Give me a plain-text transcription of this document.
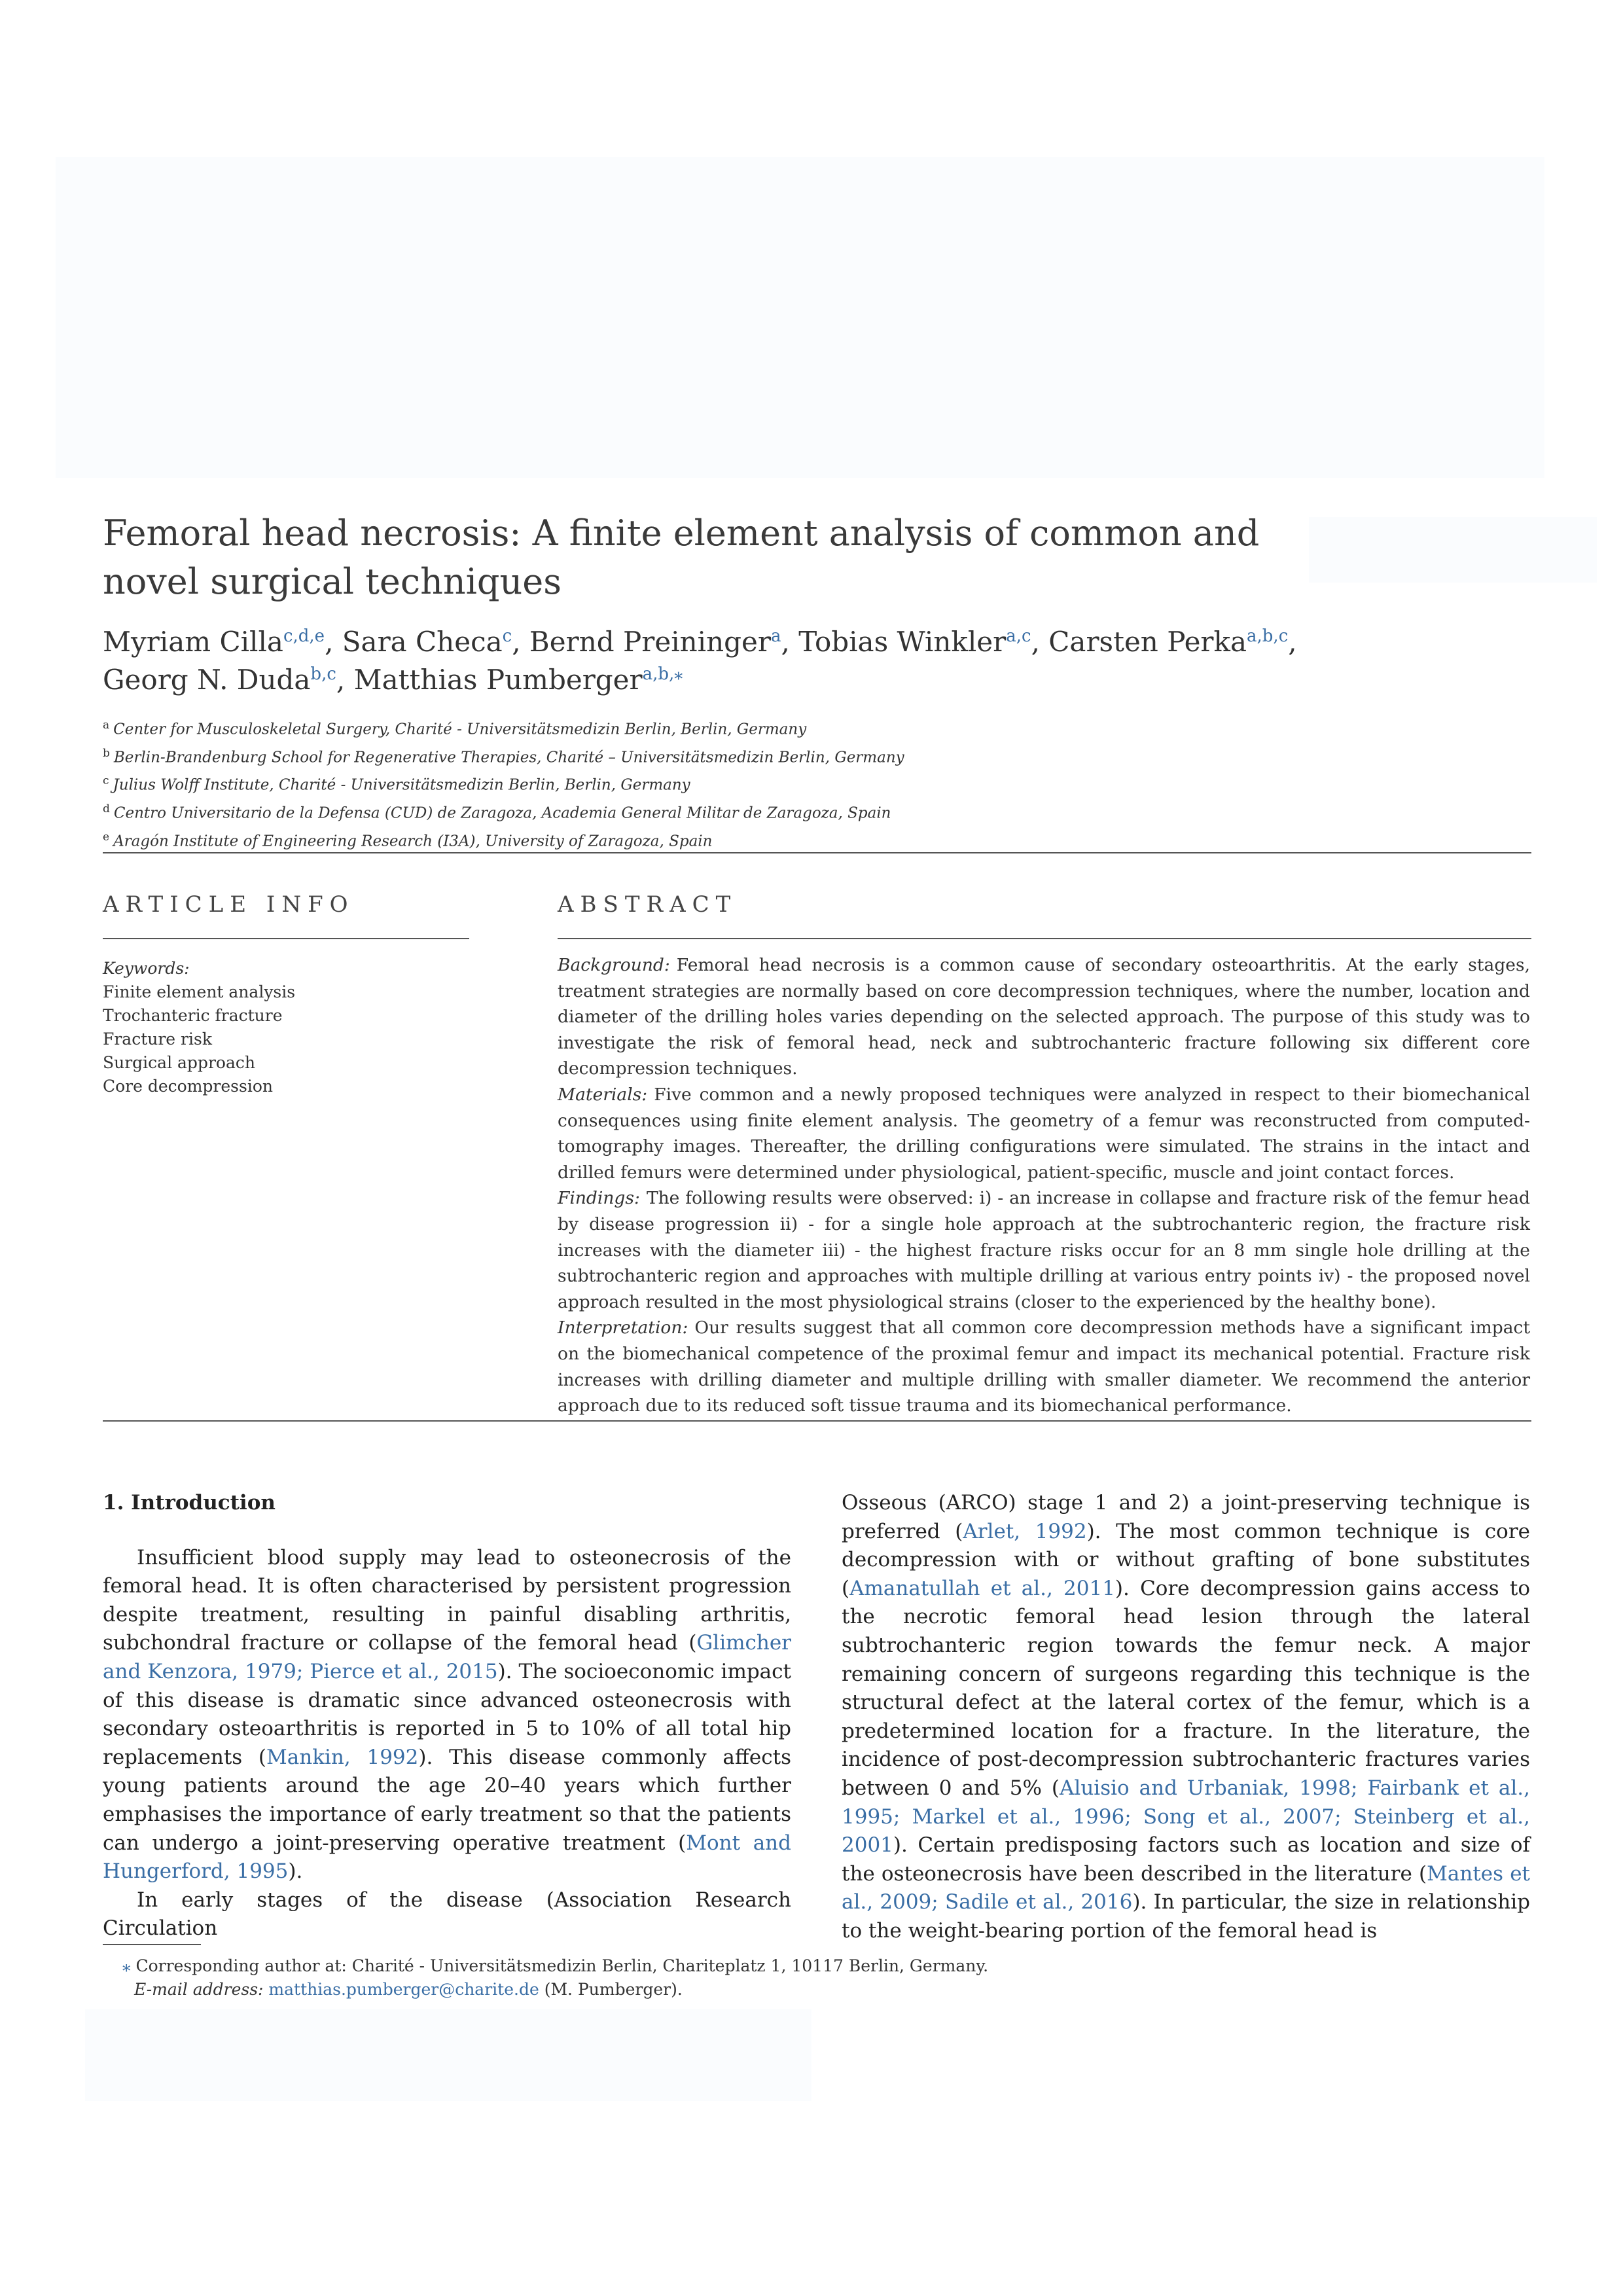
Femoral head necrosis: A finite element analysis of common and novel surgical techniques
Myriam Cilla$^{c,d,e}$, Sara Checa$^c$, Bernd Preininger$^a$, Tobias Winkler$^{a,c}$, Carsten Perka$^{a,b,c}$,
Georg N. Duda$^{b,c}$, Matthias Pumberger$^{a,b,⁎}$
$^a$ Center for Musculoskeletal Surgery, Charité - Universitätsmedizin Berlin, Berlin, Germany
$^b$ Berlin-Brandenburg School for Regenerative Therapies, Charité – Universitätsmedizin Berlin, Germany
$^c$ Julius Wolff Institute, Charité - Universitätsmedizin Berlin, Berlin, Germany
$^d$ Centro Universitario de la Defensa (CUD) de Zaragoza, Academia General Militar de Zaragoza, Spain
$^e$ Aragón Institute of Engineering Research (I3A), University of Zaragoza, Spain
ARTICLE INFO	ABSTRACT
Keywords:
Finite element analysis
Trochanteric fracture
Fracture risk
Surgical approach
Core decompression

Background: Femoral head necrosis is a common cause of secondary osteoarthritis. At the early stages, treatment strategies are normally based on core decompression techniques, where the number, location and diameter of the drilling holes varies depending on the selected approach. The purpose of this study was to investigate the risk of femoral head, neck and subtrochanteric fracture following six different core decompression techniques.

Materials: Five common and a newly proposed techniques were analyzed in respect to their biomechanical consequences using finite element analysis. The geometry of a femur was reconstructed from computed-tomography images. Thereafter, the drilling configurations were simulated. The strains in the intact and drilled femurs were determined under physiological, patient-specific, muscle and joint contact forces.

Findings: The following results were observed: i) - an increase in collapse and fracture risk of the femur head by disease progression ii) - for a single hole approach at the subtrochanteric region, the fracture risk increases with the diameter iii) - the highest fracture risks occur for an 8 mm single hole drilling at the subtrochanteric region and approaches with multiple drilling at various entry points iv) - the proposed novel approach resulted in the most physiological strains (closer to the experienced by the healthy bone).

Interpretation: Our results suggest that all common core decompression methods have a significant impact on the biomechanical competence of the proximal femur and impact its mechanical potential. Fracture risk increases with drilling diameter and multiple drilling with smaller diameter. We recommend the anterior approach due to its reduced soft tissue trauma and its biomechanical performance.

1. Introduction

Insufficient blood supply may lead to osteonecrosis of the femoral head. It is often characterised by persistent progression despite treatment, resulting in painful disabling arthritis, subchondral fracture or collapse of the femoral head (Glimcher and Kenzora, 1979; Pierce et al., 2015). The socioeconomic impact of this disease is dramatic since advanced osteonecrosis with secondary osteoarthritis is reported in 5 to 10% of all total hip replacements (Mankin, 1992). This disease commonly affects young patients around the age 20–40 years which further emphasises the importance of early treatment so that the patients can undergo a joint-preserving operative treatment (Mont and Hungerford, 1995).

In early stages of the disease (Association Research Circulation

Osseous (ARCO) stage 1 and 2) a joint-preserving technique is preferred (Arlet, 1992). The most common technique is core decompression with or without grafting of bone substitutes (Amanatullah et al., 2011). Core decompression gains access to the necrotic femoral head lesion through the lateral subtrochanteric region towards the femur neck. A major remaining concern of surgeons regarding this technique is the structural defect at the lateral cortex of the femur, which is a predetermined location for a fracture. In the literature, the incidence of post-decompression subtrochanteric fractures varies between 0 and 5% (Aluisio and Urbaniak, 1998; Fairbank et al., 1995; Markel et al., 1996; Song et al., 2007; Steinberg et al., 2001). Certain predisposing factors such as location and size of the osteonecrosis have been described in the literature (Mantes et al., 2009; Sadile et al., 2016). In particular, the size in relationship to the weight-bearing portion of the femoral head is

⁎ Corresponding author at: Charité - Universitätsmedizin Berlin, Chariteplatz 1, 10117 Berlin, Germany.
E-mail address: matthias.pumberger@charite.de (M. Pumberger).
